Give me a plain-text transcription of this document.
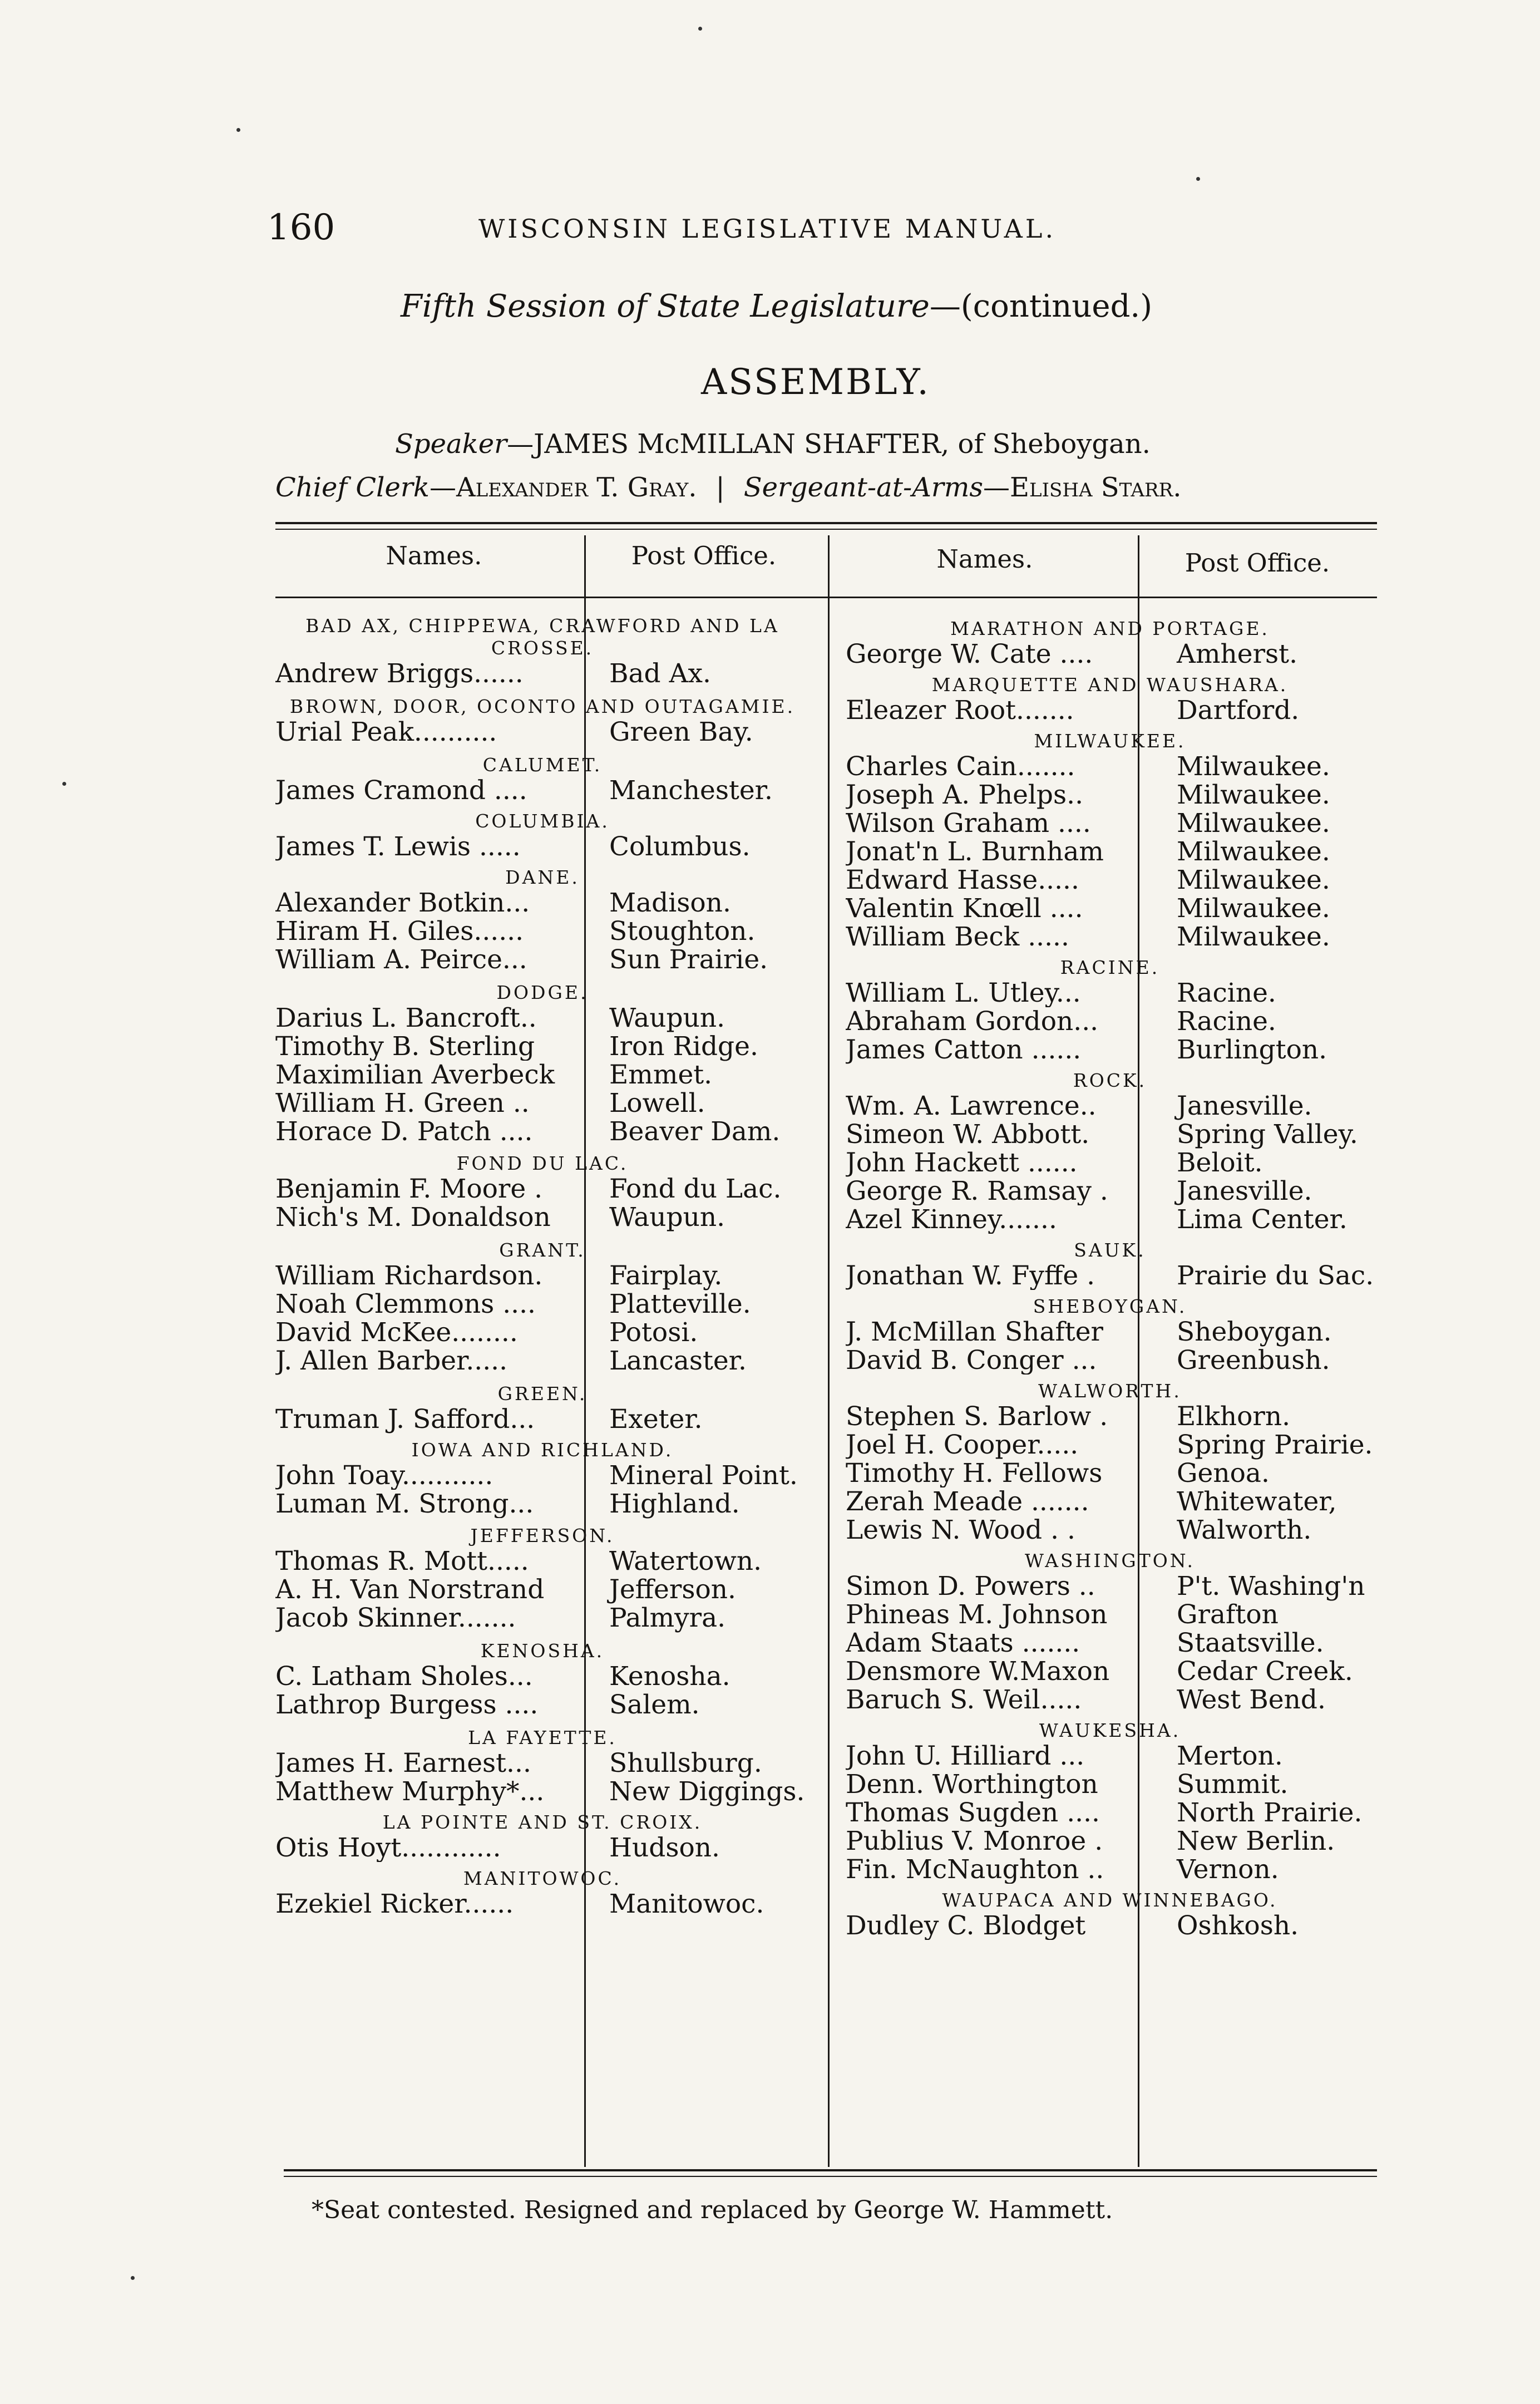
160	WISCONSIN LEGISLATIVE MANUAL.
Fifth Session of State Legislature—(continued.)
ASSEMBLY.
Speaker—JAMES McMILLAN SHAFTER, of Sheboygan.
Chief Clerk—Alexander T. Gray. | Sergeant-at-Arms—Elisha Starr.
Names.	Post Office.	Names.	Post Office.
BAD AX, CHIPPEWA, CRAWFORD AND LA CROSSE.
Andrew Briggs......	Bad Ax.
BROWN, DOOR, OCONTO AND OUTAGAMIE.
Urial Peak..........	Green Bay.
CALUMET.
James Cramond ....	Manchester.
COLUMBIA.
James T. Lewis .....	Columbus.
DANE.
Alexander Botkin...	Madison.
Hiram H. Giles......	Stoughton.
William A. Peirce...	Sun Prairie.
DODGE.
Darius L. Bancroft..	Waupun.
Timothy B. Sterling	Iron Ridge.
Maximilian Averbeck	Emmet.
William H. Green ..	Lowell.
Horace D. Patch ....	Beaver Dam.
FOND DU LAC.
Benjamin F. Moore .	Fond du Lac.
Nich's M. Donaldson	Waupun.
GRANT.
William Richardson.	Fairplay.
Noah Clemmons ....	Platteville.
David McKee........	Potosi.
J. Allen Barber.....	Lancaster.
GREEN.
Truman J. Safford...	Exeter.
IOWA AND RICHLAND.
John Toay...........	Mineral Point.
Luman M. Strong...	Highland.
JEFFERSON.
Thomas R. Mott.....	Watertown.
A. H. Van Norstrand	Jefferson.
Jacob Skinner.......	Palmyra.
KENOSHA.
C. Latham Sholes...	Kenosha.
Lathrop Burgess ....	Salem.
LA FAYETTE.
James H. Earnest...	Shullsburg.
Matthew Murphy*...	New Diggings.
LA POINTE AND ST. CROIX.
Otis Hoyt............	Hudson.
MANITOWOC.
Ezekiel Ricker......	Manitowoc.
MARATHON AND PORTAGE.
George W. Cate ....	Amherst.
MARQUETTE AND WAUSHARA.
Eleazer Root.......	Dartford.
MILWAUKEE.
Charles Cain.......	Milwaukee.
Joseph A. Phelps..	Milwaukee.
Wilson Graham ....	Milwaukee.
Jonat'n L. Burnham	Milwaukee.
Edward Hasse.....	Milwaukee.
Valentin Knœll ....	Milwaukee.
William Beck .....	Milwaukee.
RACINE.
William L. Utley...	Racine.
Abraham Gordon...	Racine.
James Catton ......	Burlington.
ROCK.
Wm. A. Lawrence..	Janesville.
Simeon W. Abbott.	Spring Valley.
John Hackett ......	Beloit.
George R. Ramsay .	Janesville.
Azel Kinney.......	Lima Center.
SAUK.
Jonathan W. Fyffe .	Prairie du Sac.
SHEBOYGAN.
J. McMillan Shafter	Sheboygan.
David B. Conger ...	Greenbush.
WALWORTH.
Stephen S. Barlow .	Elkhorn.
Joel H. Cooper.....	Spring Prairie.
Timothy H. Fellows	Genoa.
Zerah Meade .......	Whitewater,
Lewis N. Wood . .	Walworth.
WASHINGTON.
Simon D. Powers ..	P't. Washing'n
Phineas M. Johnson	Grafton
Adam Staats .......	Staatsville.
Densmore W.Maxon	Cedar Creek.
Baruch S. Weil.....	West Bend.
WAUKESHA.
John U. Hilliard ...	Merton.
Denn. Worthington	Summit.
Thomas Sugden ....	North Prairie.
Publius V. Monroe .	New Berlin.
Fin. McNaughton ..	Vernon.
WAUPACA AND WINNEBAGO.
Dudley C. Blodget	Oshkosh.
*Seat contested. Resigned and replaced by George W. Hammett.
